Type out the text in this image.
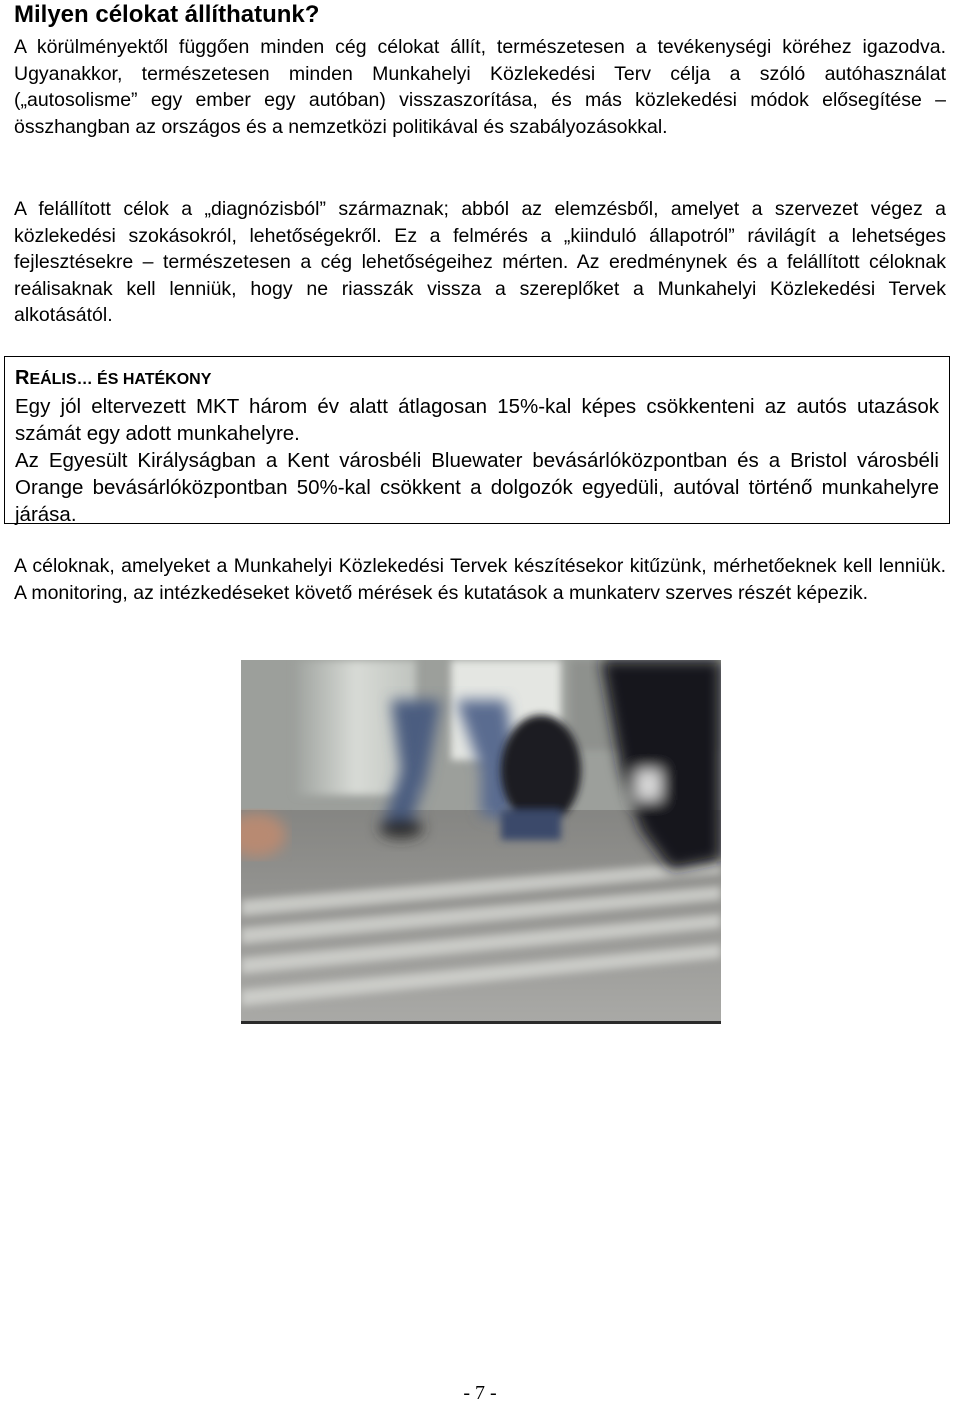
Milyen célokat állíthatunk?

A körülményektől függően minden cég célokat állít, természetesen a tevékenységi köréhez igazodva. Ugyanakkor, természetesen minden Munkahelyi Közlekedési Terv célja a szóló autóhasználat („autosolisme” egy ember egy autóban) visszaszorítása, és más közlekedési módok elősegítése – összhangban az országos és a nemzetközi politikával és szabályozásokkal.

A felállított célok a „diagnózisból” származnak; abból az elemzésből, amelyet a szervezet végez a közlekedési szokásokról, lehetőségekről. Ez a felmérés a „kiinduló állapotról” rávilágít a lehetséges fejlesztésekre – természetesen a cég lehetőségeihez mérten. Az eredménynek és a felállított céloknak reálisaknak kell lenniük, hogy ne riasszák vissza a szereplőket a Munkahelyi Közlekedési Tervek alkotásától.

REÁLIS… ÉS HATÉKONY

Egy jól eltervezett MKT három év alatt átlagosan 15%-kal képes csökkenteni az autós utazások számát egy adott munkahelyre.

Az Egyesült Királyságban a Kent városbéli Bluewater bevásárlóközpontban és a Bristol városbéli Orange bevásárlóközpontban 50%-kal csökkent a dolgozók egyedüli, autóval történő munkahelyre járása.

A céloknak, amelyeket a Munkahelyi Közlekedési Tervek készítésekor kitűzünk, mérhetőeknek kell lenniük. A monitoring, az intézkedéseket követő mérések és kutatások a munkaterv szerves részét képezik.

- 7 -
